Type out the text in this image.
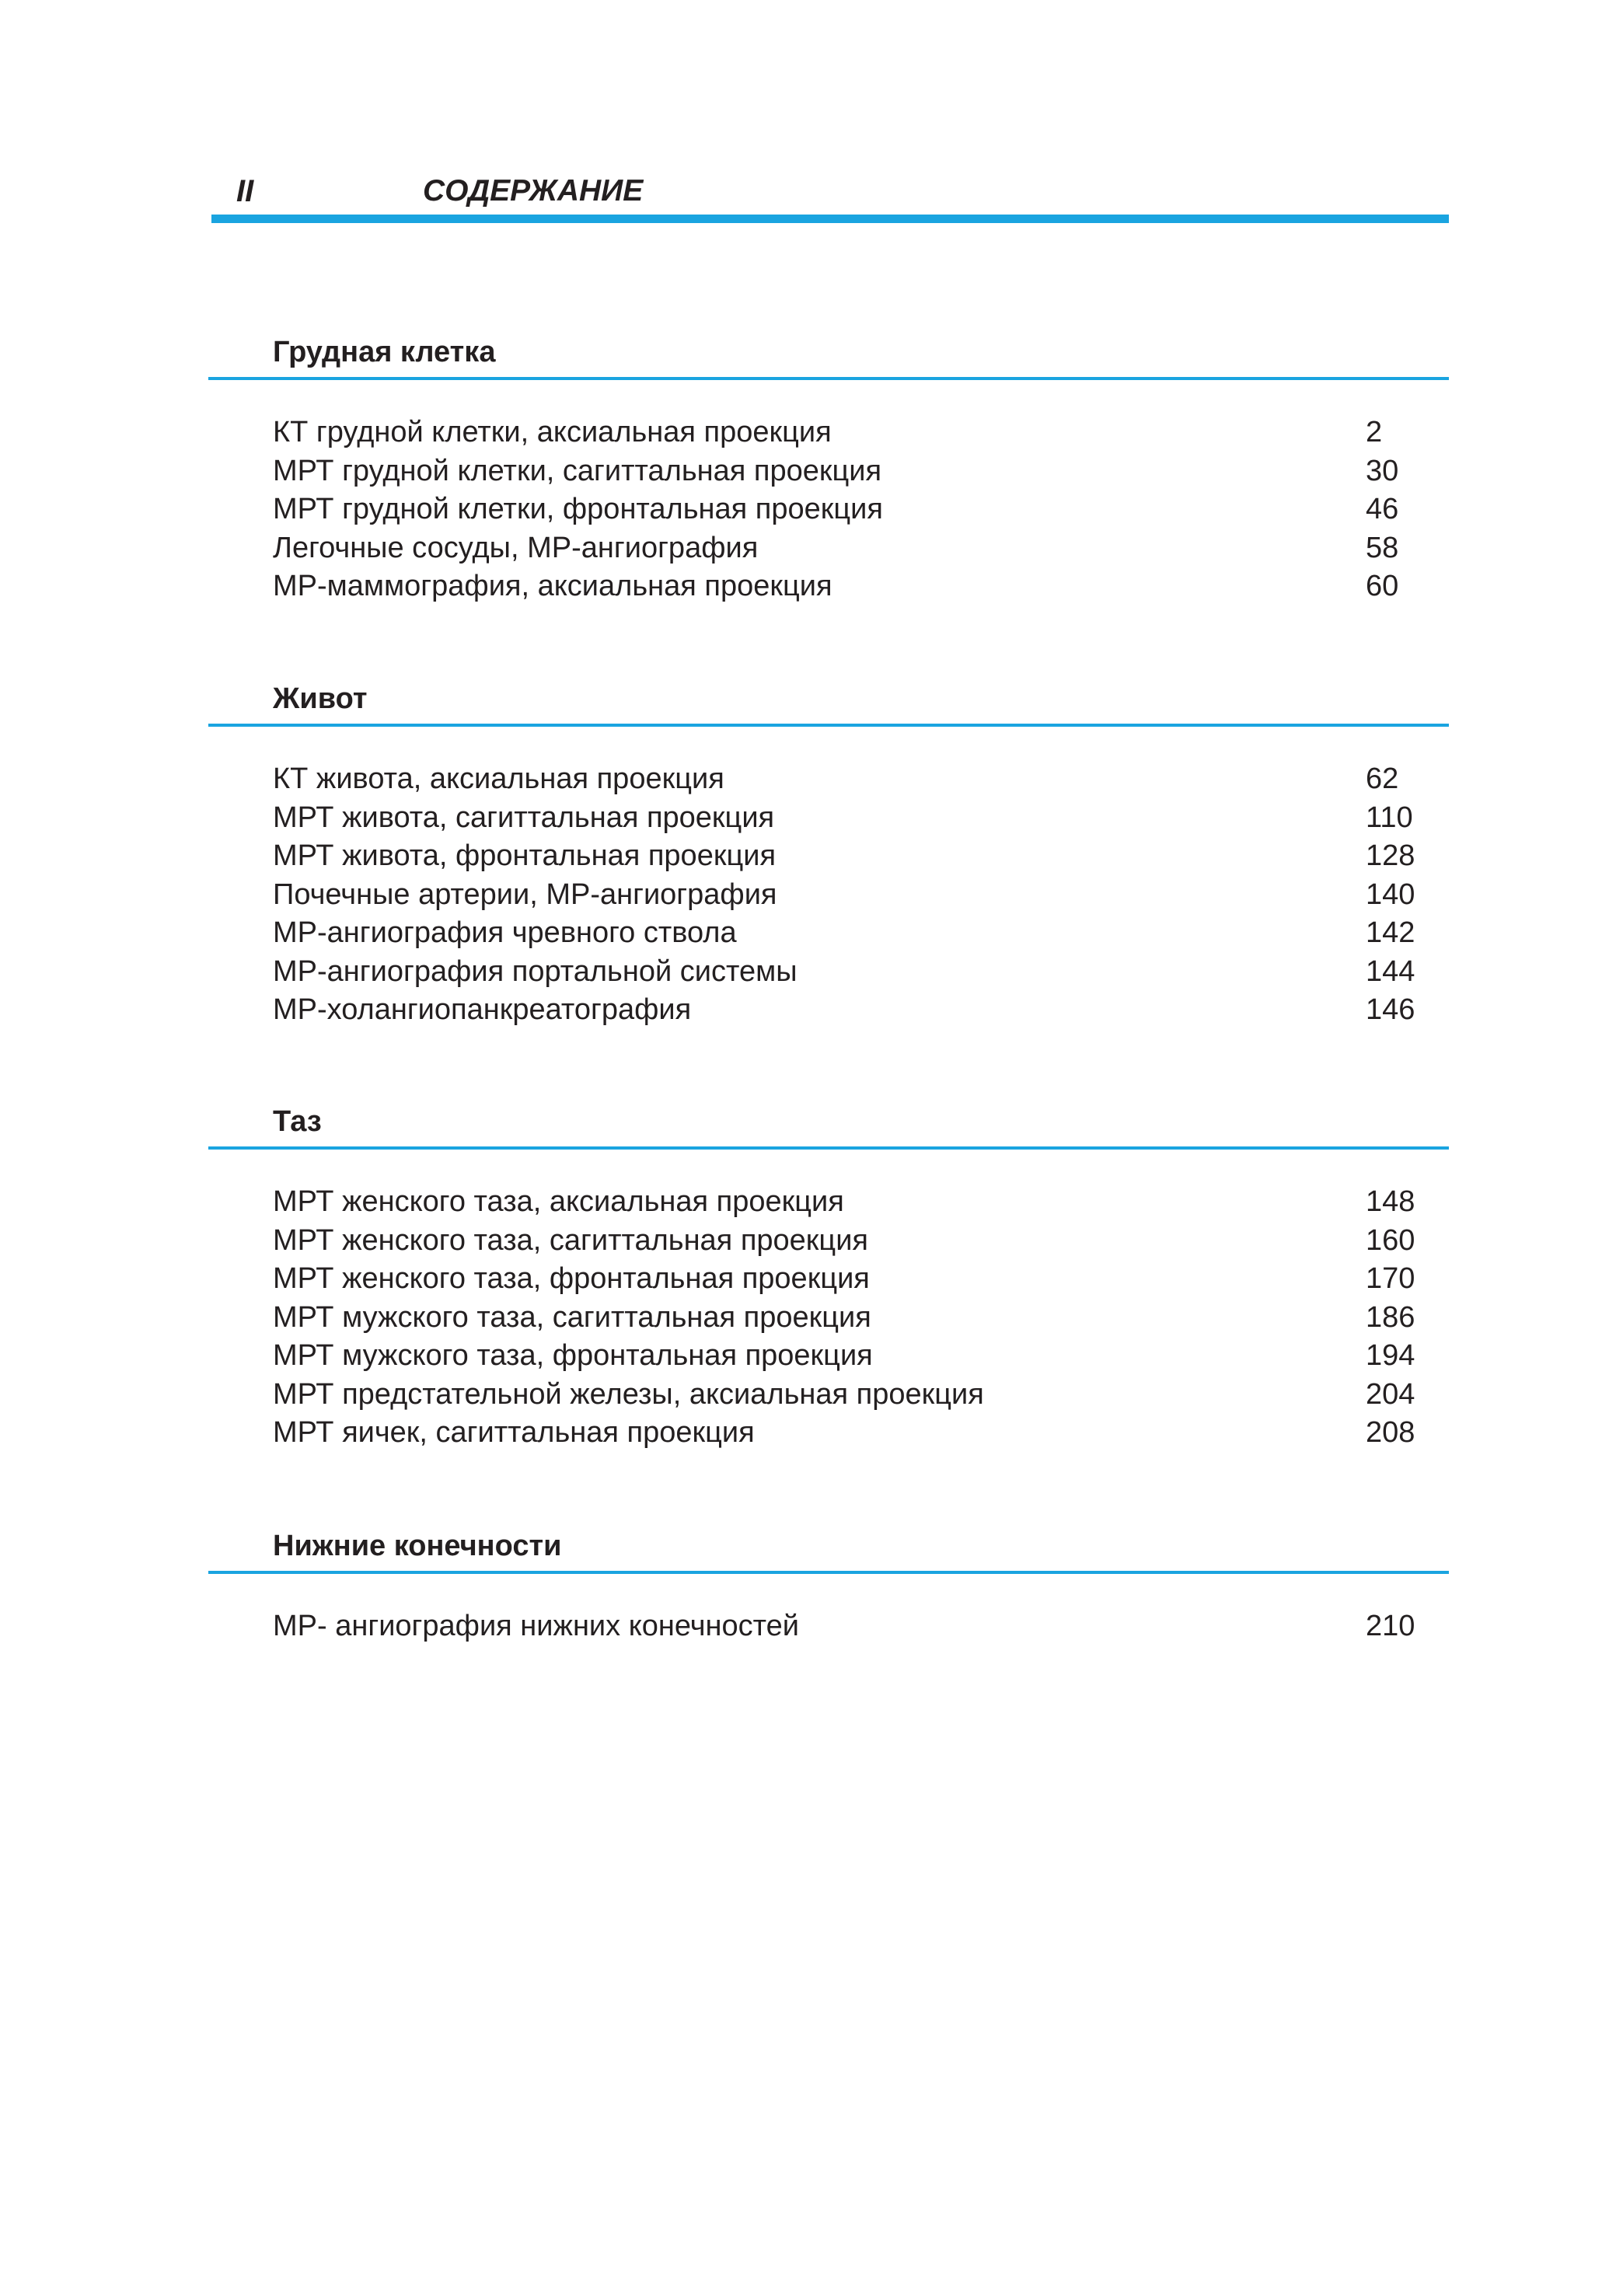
II	СОДЕРЖАНИЕ
Грудная клетка
КТ грудной клетки, аксиальная проекция	2
МРТ грудной клетки, сагиттальная проекция	30
МРТ грудной клетки, фронтальная проекция	46
Легочные сосуды, МР-ангиография	58
МР-маммография, аксиальная проекция	60
Живот
КТ живота, аксиальная проекция	62
МРТ живота, сагиттальная проекция	110
МРТ живота, фронтальная проекция	128
Почечные артерии, МР-ангиография	140
МР-ангиография чревного ствола	142
МР-ангиография портальной системы	144
МР-холангиопанкреатография	146
Таз
МРТ женского таза, аксиальная проекция	148
МРТ женского таза, сагиттальная проекция	160
МРТ женского таза, фронтальная проекция	170
МРТ мужского таза, сагиттальная проекция	186
МРТ мужского таза, фронтальная проекция	194
МРТ предстательной железы, аксиальная проекция	204
МРТ яичек, сагиттальная проекция	208
Нижние конечности
МР- ангиография нижних конечностей	210
